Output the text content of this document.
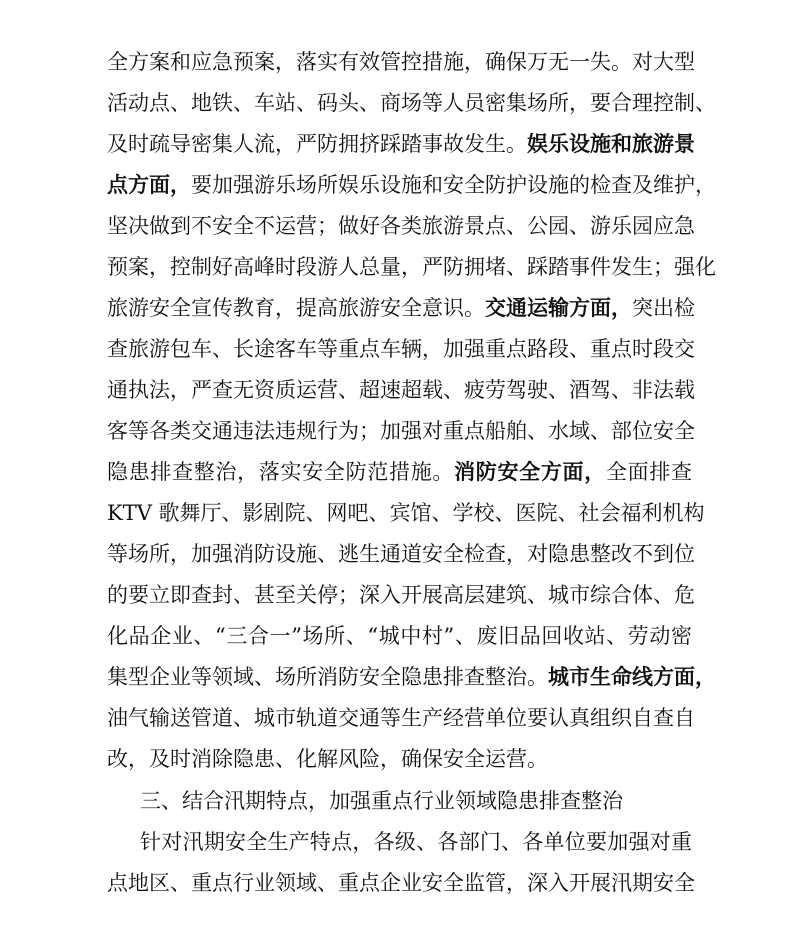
全方案和应急预案，落实有效管控措施，确保万无一失。对大型
活动点、地铁、车站、码头、商场等人员密集场所，要合理控制、
及时疏导密集人流，严防拥挤踩踏事故发生。娱乐设施和旅游景
点方面，要加强游乐场所娱乐设施和安全防护设施的检查及维护，
坚决做到不安全不运营；做好各类旅游景点、公园、游乐园应急
预案，控制好高峰时段游人总量，严防拥堵、踩踏事件发生；强化
旅游安全宣传教育，提高旅游安全意识。交通运输方面，突出检
查旅游包车、长途客车等重点车辆，加强重点路段、重点时段交
通执法，严查无资质运营、超速超载、疲劳驾驶、酒驾、非法载
客等各类交通违法违规行为；加强对重点船舶、水域、部位安全
隐患排查整治，落实安全防范措施。消防安全方面，全面排查
KTV 歌舞厅、影剧院、网吧、宾馆、学校、医院、社会福利机构
等场所，加强消防设施、逃生通道安全检查，对隐患整改不到位
的要立即查封、甚至关停；深入开展高层建筑、城市综合体、危
化品企业、“三合一”场所、“城中村”、废旧品回收站、劳动密
集型企业等领域、场所消防安全隐患排查整治。城市生命线方面，
油气输送管道、城市轨道交通等生产经营单位要认真组织自查自
改，及时消除隐患、化解风险，确保安全运营。
三、结合汛期特点，加强重点行业领域隐患排查整治
针对汛期安全生产特点，各级、各部门、各单位要加强对重
点地区、重点行业领域、重点企业安全监管，深入开展汛期安全
